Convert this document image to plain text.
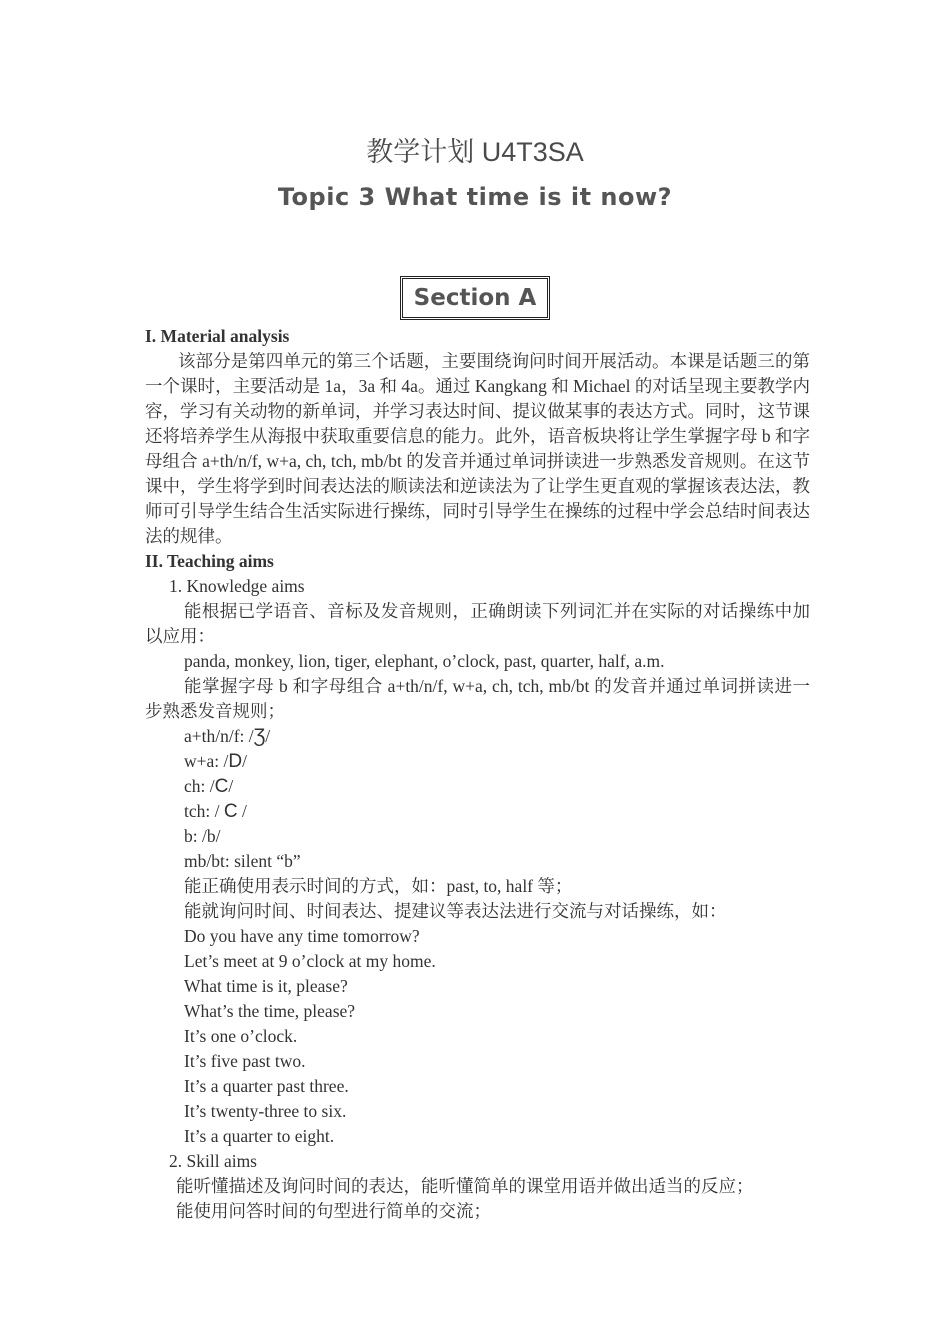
教学计划 U4T3SA
Topic 3 What time is it now?
Section A
I. Material analysis
该部分是第四单元的第三个话题，主要围绕询问时间开展活动。本课是话题三的第一个课时，主要活动是 1a，3a 和 4a。通过 Kangkang 和 Michael 的对话呈现主要教学内容，学习有关动物的新单词，并学习表达时间、提议做某事的表达方式。同时，这节课还将培养学生从海报中获取重要信息的能力。此外，语音板块将让学生掌握字母 b 和字母组合 a+th/n/f, w+a, ch, tch, mb/bt 的发音并通过单词拼读进一步熟悉发音规则。在这节课中，学生将学到时间表达法的顺读法和逆读法为了让学生更直观的掌握该表达法，教师可引导学生结合生活实际进行操练，同时引导学生在操练的过程中学会总结时间表达法的规律。
II. Teaching aims
1. Knowledge aims
能根据已学语音、音标及发音规则，正确朗读下列词汇并在实际的对话操练中加以应用：
panda, monkey, lion, tiger, elephant, o’clock, past, quarter, half, a.m.
能掌握字母 b 和字母组合 a+th/n/f, w+a, ch, tch, mb/bt 的发音并通过单词拼读进一步熟悉发音规则；
a+th/n/f: /Ʒ/
w+a: /D/
ch: /C/
tch: / C /
b: /b/
mb/bt: silent “b”
能正确使用表示时间的方式，如：past, to, half 等；
能就询问时间、时间表达、提建议等表达法进行交流与对话操练，如：
Do you have any time tomorrow?
Let’s meet at 9 o’clock at my home.
What time is it, please?
What’s the time, please?
It’s one o’clock.
It’s five past two.
It’s a quarter past three.
It’s twenty-three to six.
It’s a quarter to eight.
2. Skill aims
能听懂描述及询问时间的表达，能听懂简单的课堂用语并做出适当的反应；
能使用问答时间的句型进行简单的交流；
